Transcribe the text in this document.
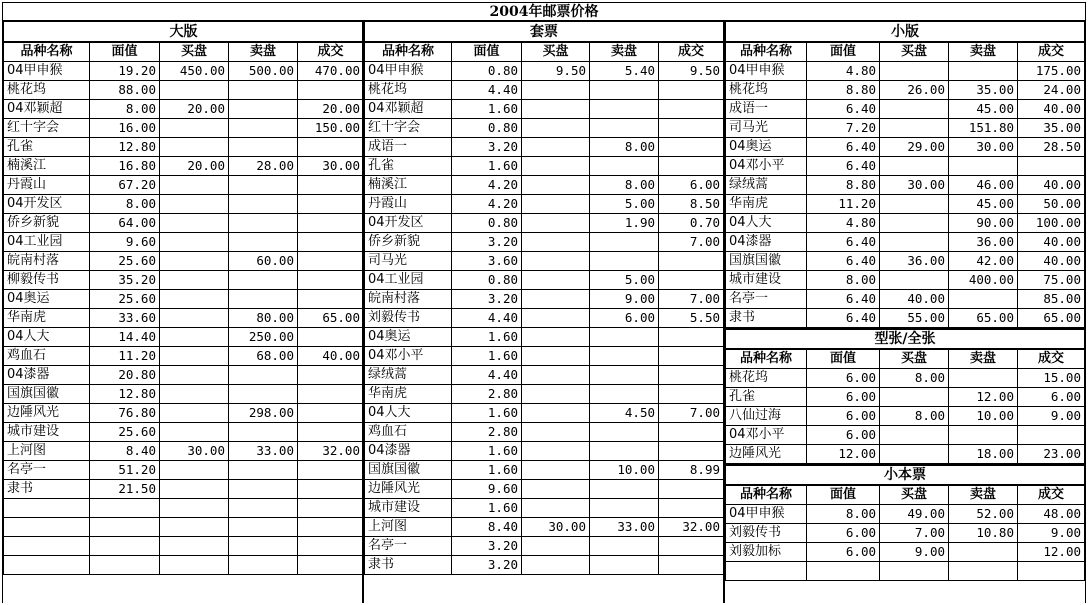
2004年邮票价格
大版				
品种名称	面值	买盘	卖盘	成交
04甲申猴	19.20	450.00	500.00	470.00
桃花坞	88.00			
04邓颖超	8.00	20.00		20.00
红十字会	16.00			150.00
孔雀	12.80			
楠溪江	16.80	20.00	28.00	30.00
丹霞山	67.20			
04开发区	8.00			
侨乡新貌	64.00			
04工业园	9.60			
皖南村落	25.60		60.00	
柳毅传书	35.20			
04奥运	25.60			
华南虎	33.60		80.00	65.00
04人大	14.40		250.00	
鸡血石	11.20		68.00	40.00
04漆器	20.80			
国旗国徽	12.80			
边陲风光	76.80		298.00	
城市建设	25.60			
上河图	8.40	30.00	33.00	32.00
名亭一	51.20			
隶书	21.50			

套票				
品种名称	面值	买盘	卖盘	成交
04甲申猴	0.80	9.50	5.40	9.50
桃花坞	4.40			
04邓颖超	1.60			
红十字会	0.80			
成语一	3.20		8.00	
孔雀	1.60			
楠溪江	4.20		8.00	6.00
丹霞山	4.20		5.00	8.50
04开发区	0.80		1.90	0.70
侨乡新貌	3.20			7.00
司马光	3.60			
04工业园	0.80		5.00	
皖南村落	3.20		9.00	7.00
刘毅传书	4.40		6.00	5.50
04奥运	1.60			
04邓小平	1.60			
绿绒蒿	4.40			
华南虎	2.80			
04人大	1.60		4.50	7.00
鸡血石	2.80			
04漆器	1.60			
国旗国徽	1.60		10.00	8.99
边陲风光	9.60			
城市建设	1.60			
上河图	8.40	30.00	33.00	32.00
名亭一	3.20			
隶书	3.20			
小版				
品种名称	面值	买盘	卖盘	成交
04甲申猴	4.80			175.00
桃花坞	8.80	26.00	35.00	24.00
成语一	6.40		45.00	40.00
司马光	7.20		151.80	35.00
04奥运	6.40	29.00	30.00	28.50
04邓小平	6.40			
绿绒蒿	8.80	30.00	46.00	40.00
华南虎	11.20		45.00	50.00
04人大	4.80		90.00	100.00
04漆器	6.40		36.00	40.00
国旗国徽	6.40	36.00	42.00	40.00
城市建设	8.00		400.00	75.00
名亭一	6.40	40.00		85.00
隶书	6.40	55.00	65.00	65.00
型张/全张				
品种名称	面值	买盘	卖盘	成交
桃花坞	6.00	8.00		15.00
孔雀	6.00		12.00	6.00
八仙过海	6.00	8.00	10.00	9.00
04邓小平	6.00			
边陲风光	12.00		18.00	23.00
小本票				
品种名称	面值	买盘	卖盘	成交
04甲申猴	8.00	49.00	52.00	48.00
刘毅传书	6.00	7.00	10.80	9.00
刘毅加标	6.00	9.00		12.00
